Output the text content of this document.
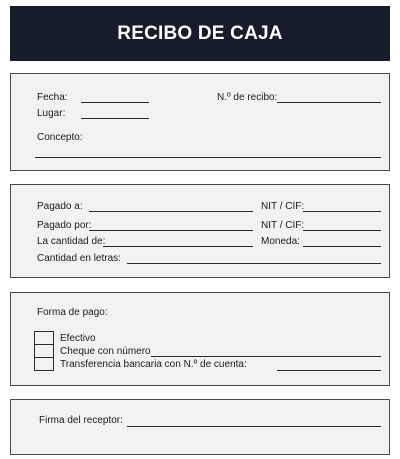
RECIBO DE CAJA
Fecha:	N.º de recibo:
Lugar:
Concepto:
Pagado a:	NIT / CIF:
Pagado por:	NIT / CIF:
La cantidad de:	Moneda:
Cantidad en letras:
Forma de pago:
Efectivo
Cheque con número
Transferencia bancaria con N.º de cuenta:
Firma del receptor:
